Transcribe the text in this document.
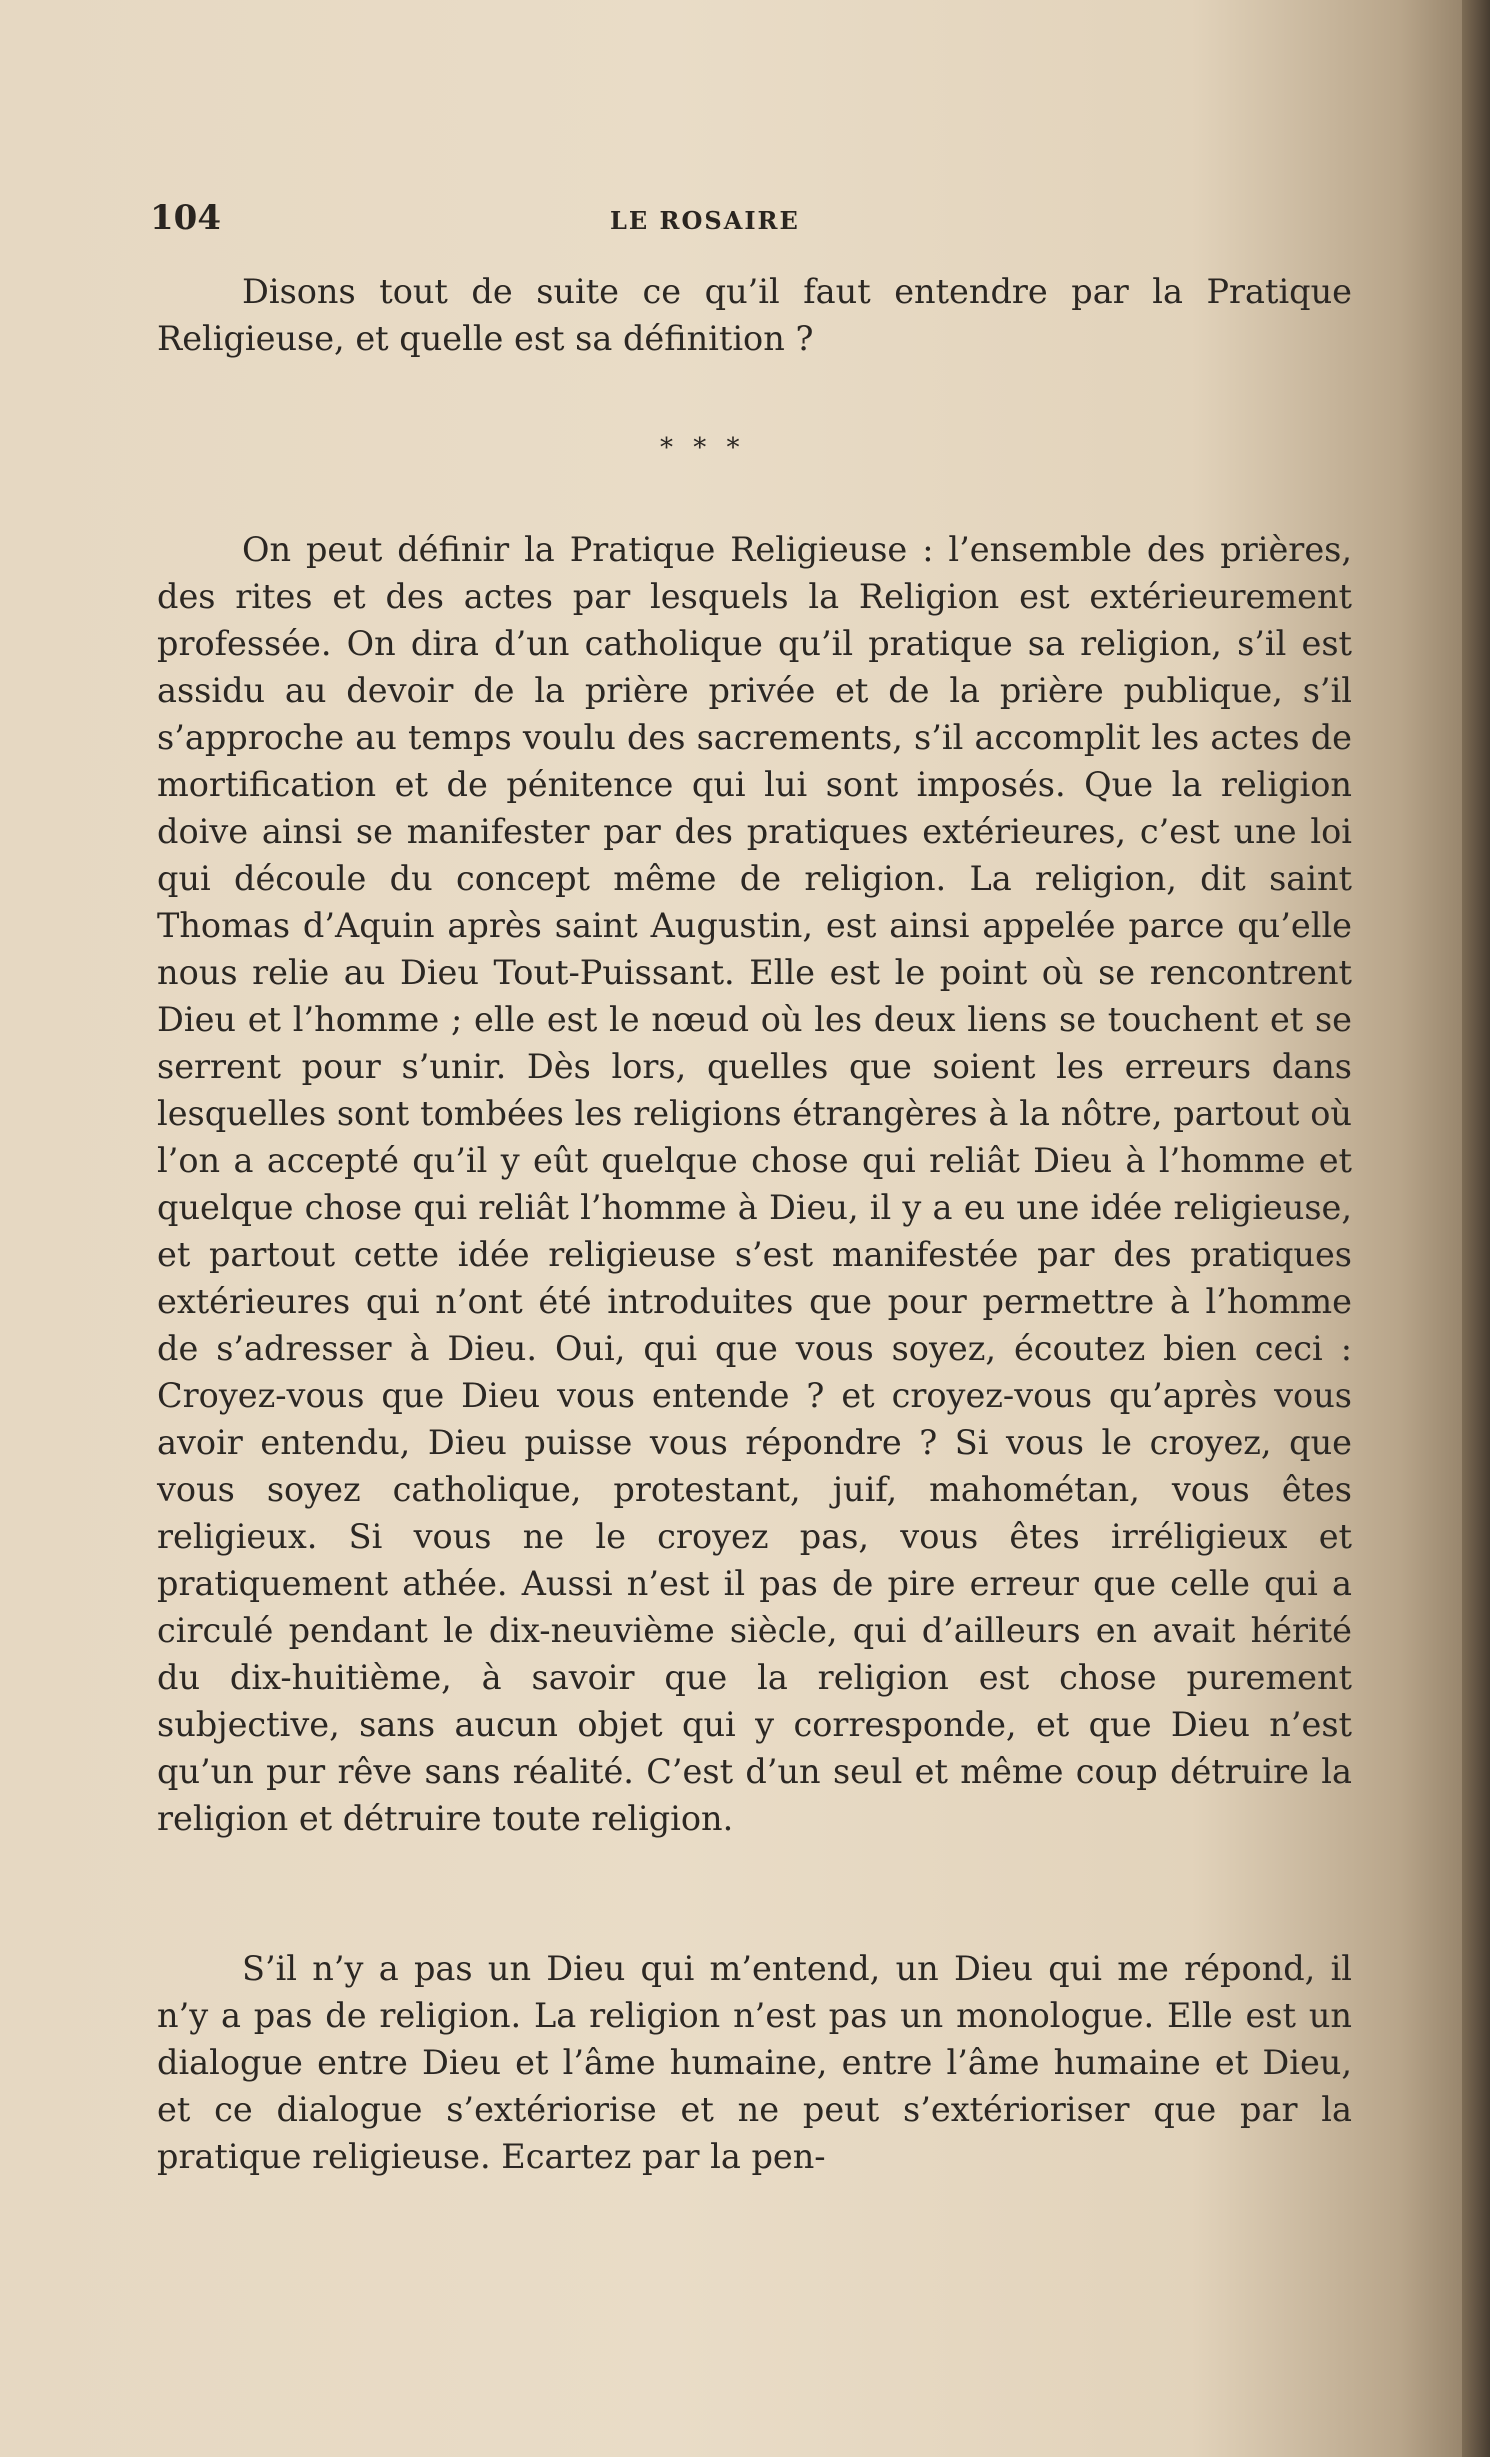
104	LE ROSAIRE

Disons tout de suite ce qu’il faut entendre par la Pratique Religieuse, et quelle est sa définition ?

* * *

On peut définir la Pratique Religieuse : l’ensemble des prières, des rites et des actes par lesquels la Religion est extérieurement professée. On dira d’un catholique qu’il pratique sa religion, s’il est assidu au devoir de la prière privée et de la prière publique, s’il s’approche au temps voulu des sacrements, s’il accomplit les actes de mortification et de pénitence qui lui sont imposés. Que la religion doive ainsi se manifester par des pratiques extérieures, c’est une loi qui découle du concept même de religion. La religion, dit saint Thomas d’Aquin après saint Augustin, est ainsi appelée parce qu’elle nous relie au Dieu Tout-Puissant. Elle est le point où se rencontrent Dieu et l’homme ; elle est le nœud où les deux liens se touchent et se serrent pour s’unir. Dès lors, quelles que soient les erreurs dans lesquelles sont tombées les religions étrangères à la nôtre, partout où l’on a accepté qu’il y eût quelque chose qui reliât Dieu à l’homme et quelque chose qui reliât l’homme à Dieu, il y a eu une idée religieuse, et partout cette idée religieuse s’est manifestée par des pratiques extérieures qui n’ont été introduites que pour permettre à l’homme de s’adresser à Dieu. Oui, qui que vous soyez, écoutez bien ceci : Croyez-vous que Dieu vous entende ? et croyez-vous qu’après vous avoir entendu, Dieu puisse vous répondre ? Si vous le croyez, que vous soyez catholique, protestant, juif, mahométan, vous êtes religieux. Si vous ne le croyez pas, vous êtes irréligieux et pratiquement athée. Aussi n’est il pas de pire erreur que celle qui a circulé pendant le dix-neuvième siècle, qui d’ailleurs en avait hérité du dix-huitième, à savoir que la religion est chose purement subjective, sans aucun objet qui y corresponde, et que Dieu n’est qu’un pur rêve sans réalité. C’est d’un seul et même coup détruire la religion et détruire toute religion.

S’il n’y a pas un Dieu qui m’entend, un Dieu qui me répond, il n’y a pas de religion. La religion n’est pas un monologue. Elle est un dialogue entre Dieu et l’âme humaine, entre l’âme humaine et Dieu, et ce dialogue s’extériorise et ne peut s’extérioriser que par la pratique religieuse. Ecartez par la pen-
